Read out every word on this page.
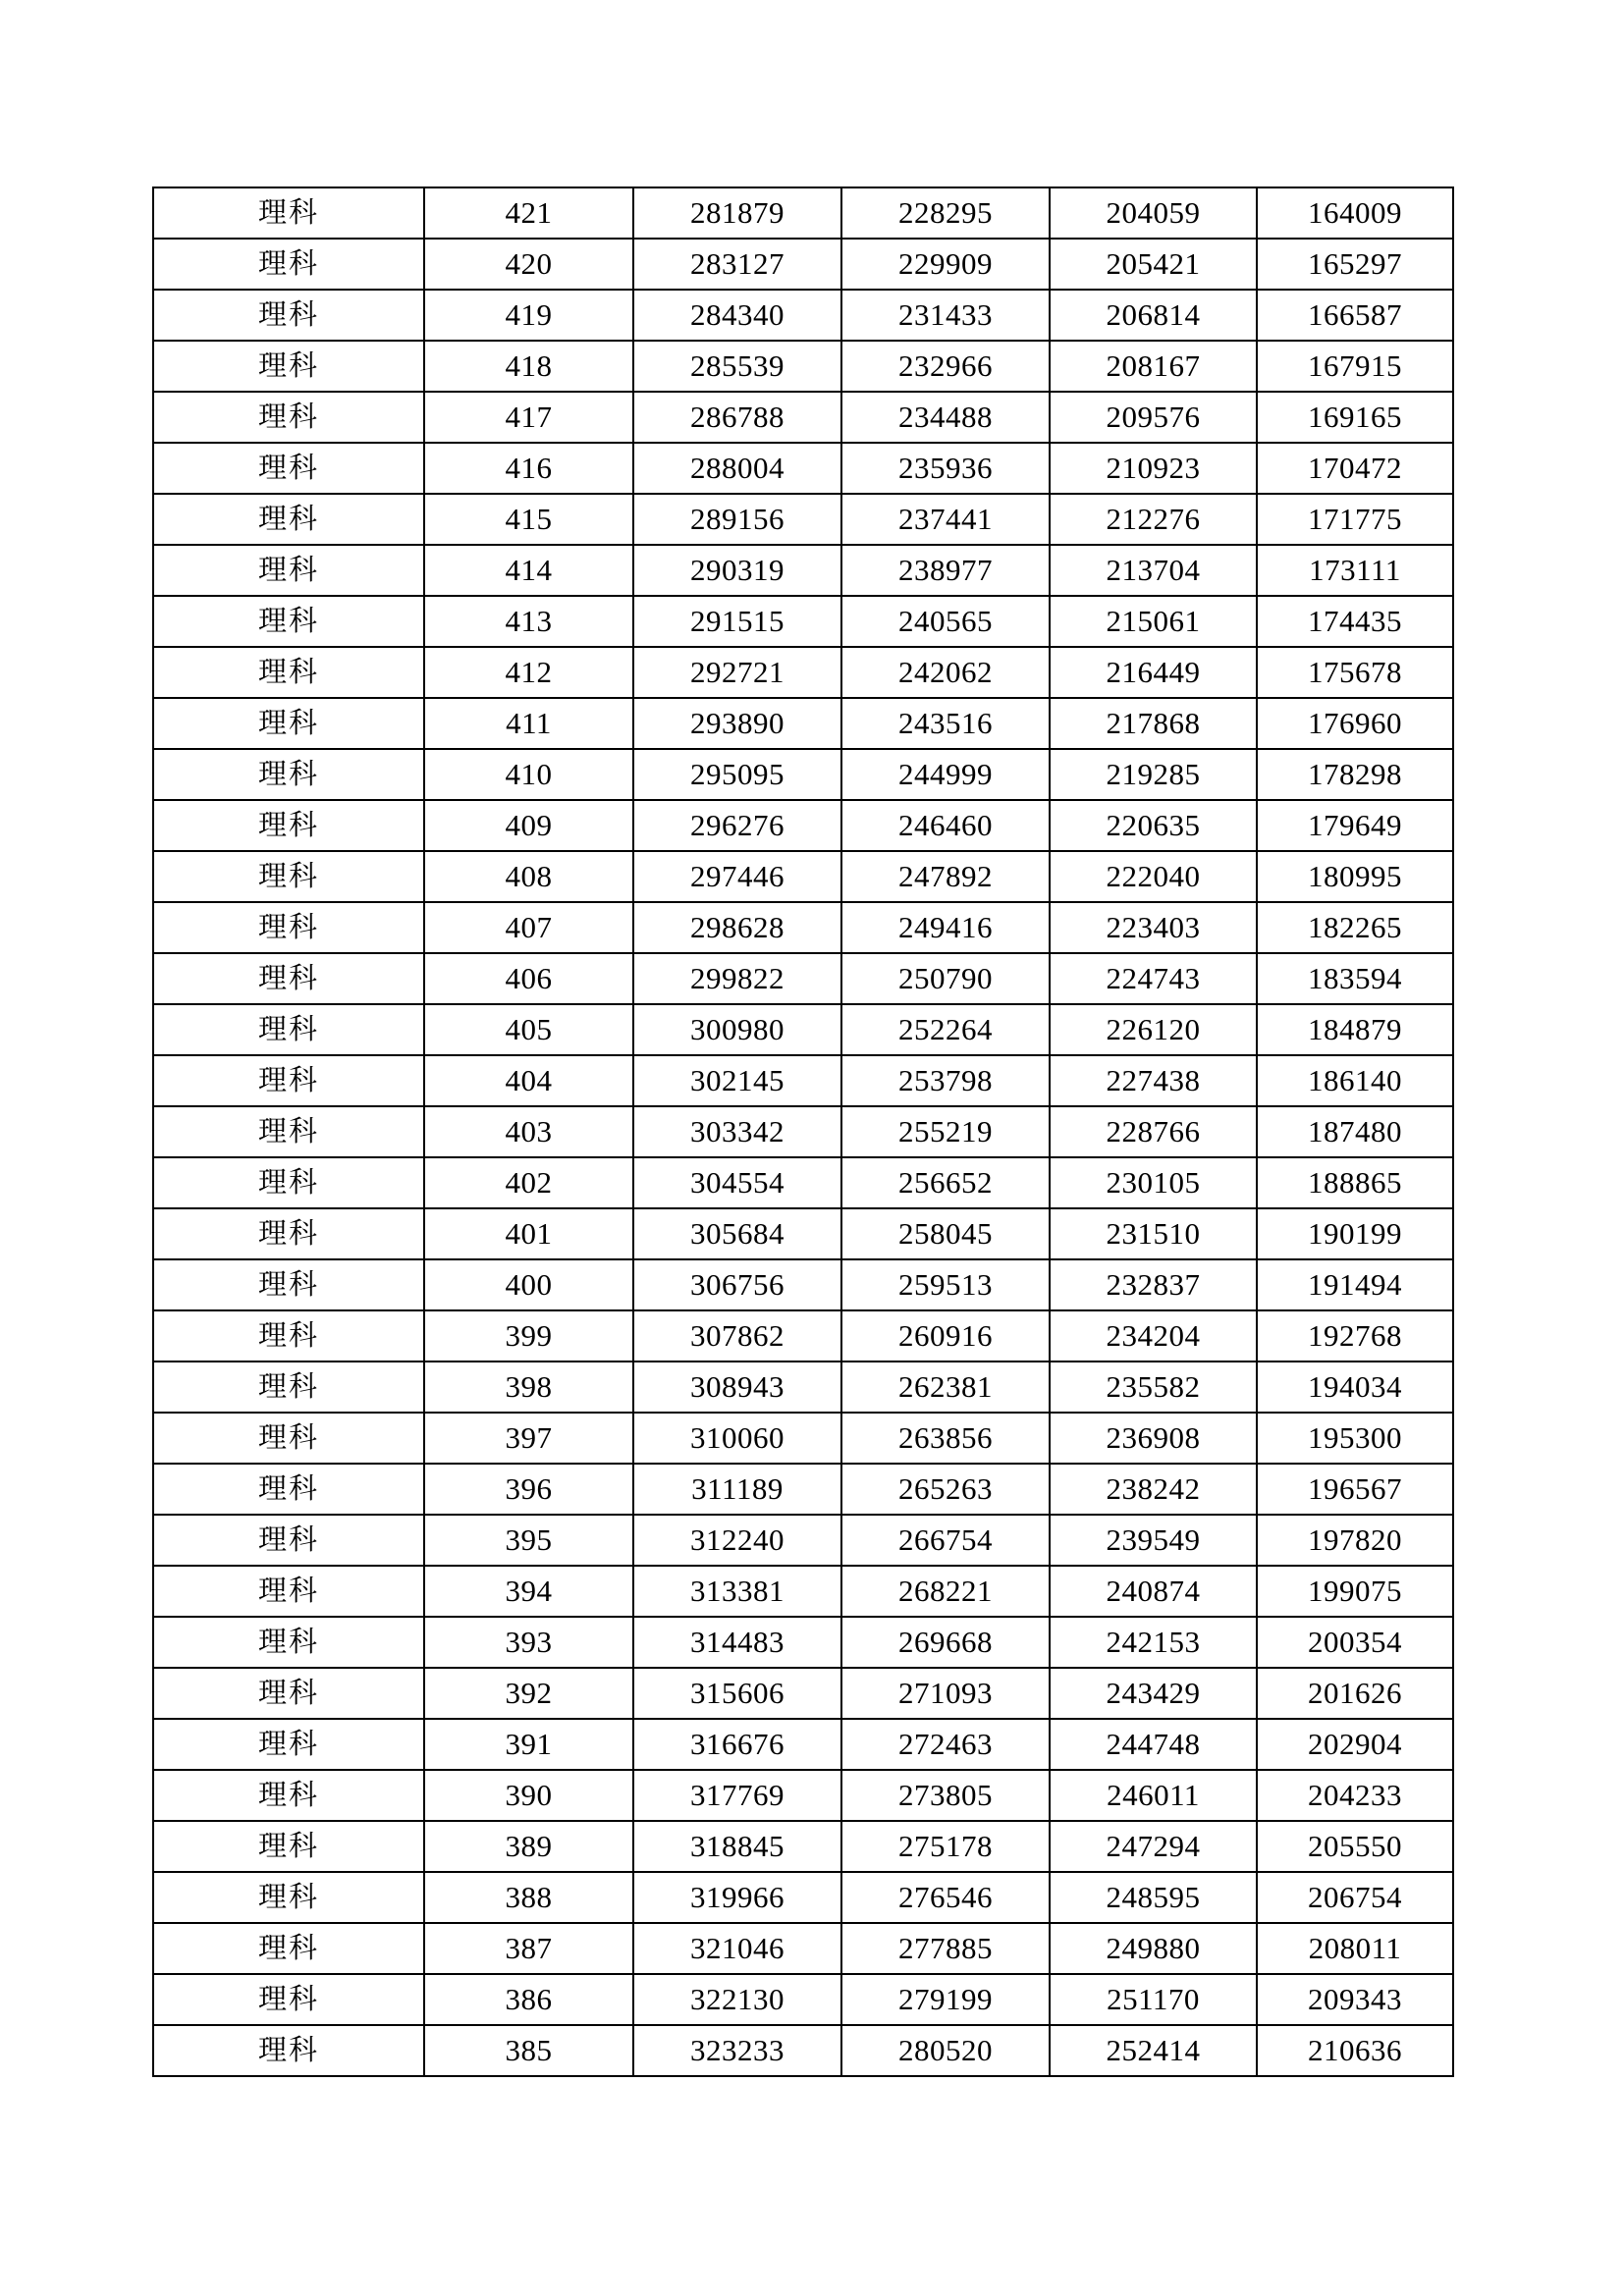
理科	421	281879	228295	204059	164009
理科	420	283127	229909	205421	165297
理科	419	284340	231433	206814	166587
理科	418	285539	232966	208167	167915
理科	417	286788	234488	209576	169165
理科	416	288004	235936	210923	170472
理科	415	289156	237441	212276	171775
理科	414	290319	238977	213704	173111
理科	413	291515	240565	215061	174435
理科	412	292721	242062	216449	175678
理科	411	293890	243516	217868	176960
理科	410	295095	244999	219285	178298
理科	409	296276	246460	220635	179649
理科	408	297446	247892	222040	180995
理科	407	298628	249416	223403	182265
理科	406	299822	250790	224743	183594
理科	405	300980	252264	226120	184879
理科	404	302145	253798	227438	186140
理科	403	303342	255219	228766	187480
理科	402	304554	256652	230105	188865
理科	401	305684	258045	231510	190199
理科	400	306756	259513	232837	191494
理科	399	307862	260916	234204	192768
理科	398	308943	262381	235582	194034
理科	397	310060	263856	236908	195300
理科	396	311189	265263	238242	196567
理科	395	312240	266754	239549	197820
理科	394	313381	268221	240874	199075
理科	393	314483	269668	242153	200354
理科	392	315606	271093	243429	201626
理科	391	316676	272463	244748	202904
理科	390	317769	273805	246011	204233
理科	389	318845	275178	247294	205550
理科	388	319966	276546	248595	206754
理科	387	321046	277885	249880	208011
理科	386	322130	279199	251170	209343
理科	385	323233	280520	252414	210636
